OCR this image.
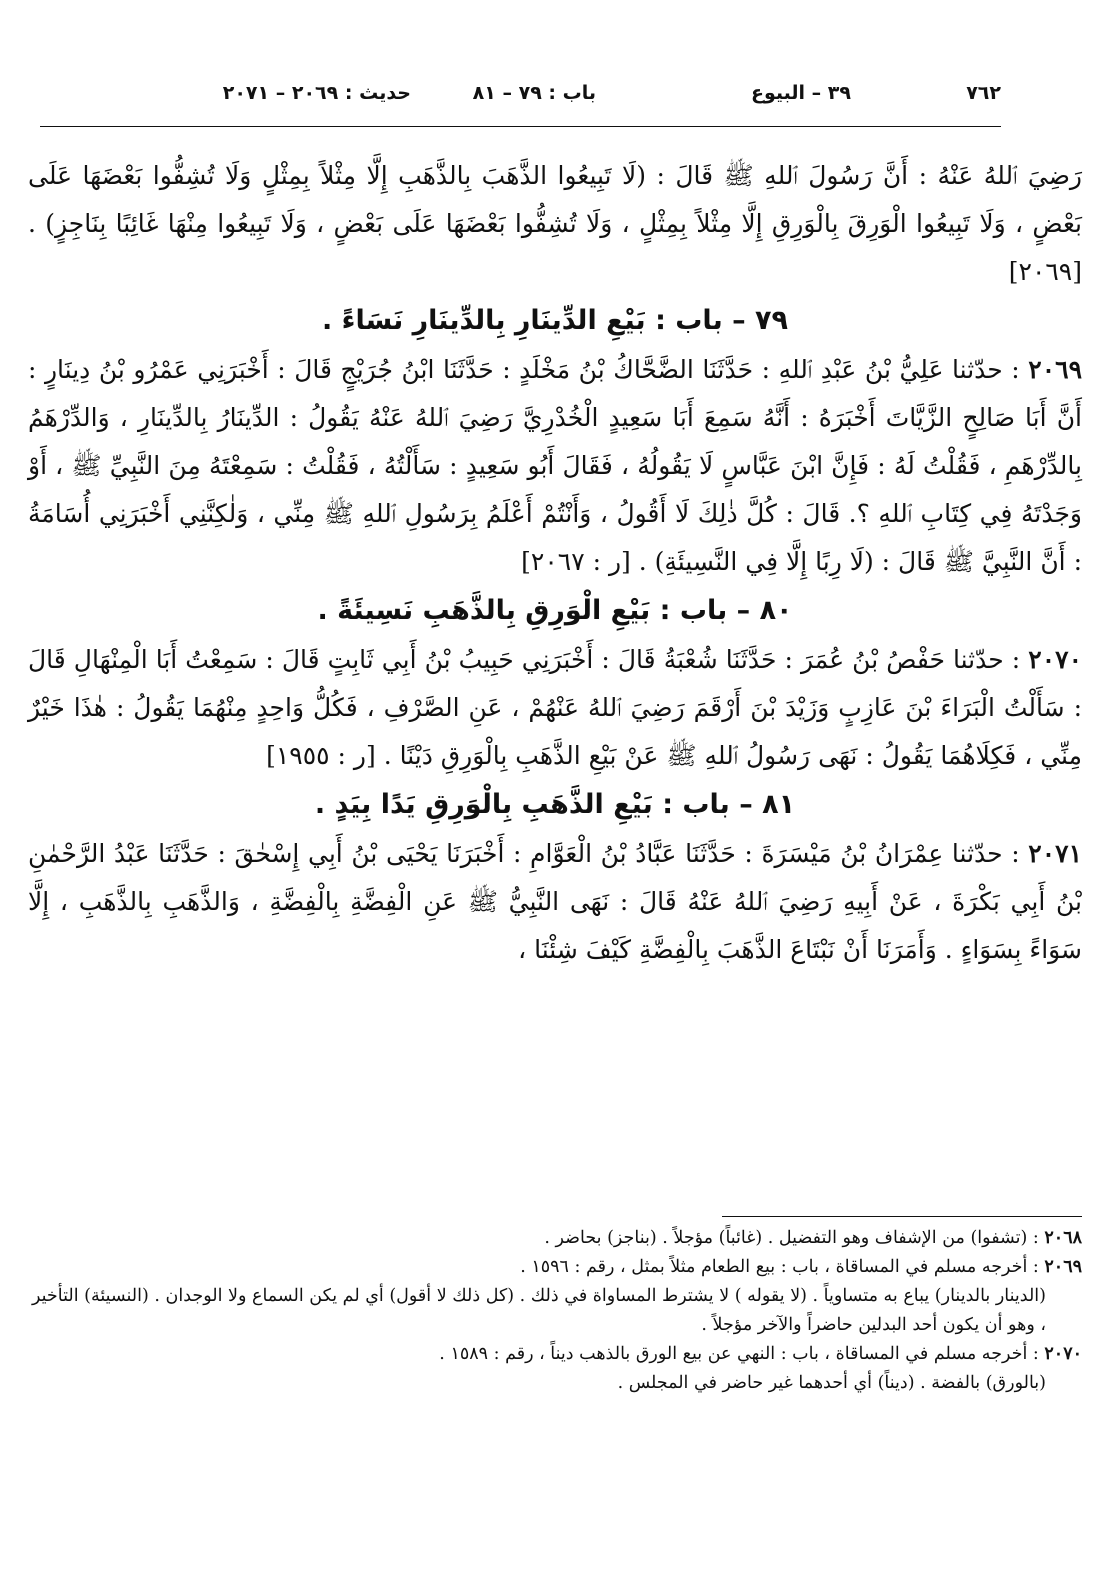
٧٦٢
٣٩ – البيوع
باب : ٧٩ – ٨١
حديث : ٢٠٦٩ – ٢٠٧١

رَضِيَ ٱللهُ عَنْهُ : أَنَّ رَسُولَ ٱللهِ ﷺ قَالَ : (لَا تَبِيعُوا الذَّهَبَ بِالذَّهَبِ إِلَّا مِثْلاً بِمِثْلٍ وَلَا تُشِفُّوا بَعْضَهَا عَلَى بَعْضٍ ، وَلَا تَبِيعُوا الْوَرِقَ بِالْوَرِقِ إِلَّا مِثْلاً بِمِثْلٍ ، وَلَا تُشِفُّوا بَعْضَهَا عَلَى بَعْضٍ ، وَلَا تَبِيعُوا مِنْهَا غَائِبًا بِنَاجِزٍ) . [٢٠٦٩]

٧٩ – باب : بَيْعِ الدِّينَارِ بِالدِّينَارِ نَسَاءً .

٢٠٦٩ : حدّثنا عَلِيُّ بْنُ عَبْدِ ٱللهِ : حَدَّثَنَا الضَّحَّاكُ بْنُ مَخْلَدٍ : حَدَّثَنَا ابْنُ جُرَيْجٍ قَالَ : أَخْبَرَنِي عَمْرُو بْنُ دِينَارٍ : أَنَّ أَبَا صَالِحٍ الزَّيَّاتَ أَخْبَرَهُ : أَنَّهُ سَمِعَ أَبَا سَعِيدٍ الْخُدْرِيَّ رَضِيَ ٱللهُ عَنْهُ يَقُولُ : الدِّينَارُ بِالدِّينَارِ ، وَالدِّرْهَمُ بِالدِّرْهَمِ ، فَقُلْتُ لَهُ : فَإِنَّ ابْنَ عَبَّاسٍ لَا يَقُولُهُ ، فَقَالَ أَبُو سَعِيدٍ : سَأَلْتُهُ ، فَقُلْتُ : سَمِعْتَهُ مِنَ النَّبِيِّ ﷺ ، أَوْ وَجَدْتَهُ فِي كِتَابِ ٱللهِ ؟. قَالَ : كُلَّ ذٰلِكَ لَا أَقُولُ ، وَأَنْتُمْ أَعْلَمُ بِرَسُولِ ٱللهِ ﷺ مِنِّي ، وَلٰكِنَّنِي أَخْبَرَنِي أُسَامَةُ : أَنَّ النَّبِيَّ ﷺ قَالَ : (لَا رِبًا إِلَّا فِي النَّسِيئَةِ) . [ر : ٢٠٦٧]

٨٠ – باب : بَيْعِ الْوَرِقِ بِالذَّهَبِ نَسِيئَةً .

٢٠٧٠ : حدّثنا حَفْصُ بْنُ عُمَرَ : حَدَّثَنَا شُعْبَةُ قَالَ : أَخْبَرَنِي حَبِيبُ بْنُ أَبِي ثَابِتٍ قَالَ : سَمِعْتُ أَبَا الْمِنْهَالِ قَالَ : سَأَلْتُ الْبَرَاءَ بْنَ عَازِبٍ وَزَيْدَ بْنَ أَرْقَمَ رَضِيَ ٱللهُ عَنْهُمْ ، عَنِ الصَّرْفِ ، فَكُلُّ وَاحِدٍ مِنْهُمَا يَقُولُ : هٰذَا خَيْرٌ مِنِّي ، فَكِلَاهُمَا يَقُولُ : نَهَى رَسُولُ ٱللهِ ﷺ عَنْ بَيْعِ الذَّهَبِ بِالْوَرِقِ دَيْنًا . [ر : ١٩٥٥]

٨١ – باب : بَيْعِ الذَّهَبِ بِالْوَرِقِ يَدًا بِيَدٍ .

٢٠٧١ : حدّثنا عِمْرَانُ بْنُ مَيْسَرَةَ : حَدَّثَنَا عَبَّادُ بْنُ الْعَوَّامِ : أَخْبَرَنَا يَحْيَى بْنُ أَبِي إِسْحٰقَ : حَدَّثَنَا عَبْدُ الرَّحْمٰنِ بْنُ أَبِي بَكْرَةَ ، عَنْ أَبِيهِ رَضِيَ ٱللهُ عَنْهُ قَالَ : نَهَى النَّبِيُّ ﷺ عَنِ الْفِضَّةِ بِالْفِضَّةِ ، وَالذَّهَبِ بِالذَّهَبِ ، إِلَّا سَوَاءً بِسَوَاءٍ . وَأَمَرَنَا أَنْ نَبْتَاعَ الذَّهَبَ بِالْفِضَّةِ كَيْفَ شِئْنَا ،

٢٠٦٨ : (تشفوا) من الإشفاف وهو التفضيل . (غائباً) مؤجلاً . (بناجز) بحاضر .

٢٠٦٩ : أخرجه مسلم في المساقاة ، باب : بيع الطعام مثلاً بمثل ، رقم : ١٥٩٦ .

(الدينار بالدينار) يباع به متساوياً . (لا يقوله ) لا يشترط المساواة في ذلك . (كل ذلك لا أقول) أي لم يكن السماع ولا الوجدان . (النسيئة) التأخير ، وهو أن يكون أحد البدلين حاضراً والآخر مؤجلاً .

٢٠٧٠ : أخرجه مسلم في المساقاة ، باب : النهي عن بيع الورق بالذهب ديناً ، رقم : ١٥٨٩ .

(بالورق) بالفضة . (ديناً) أي أحدهما غير حاضر في المجلس .
